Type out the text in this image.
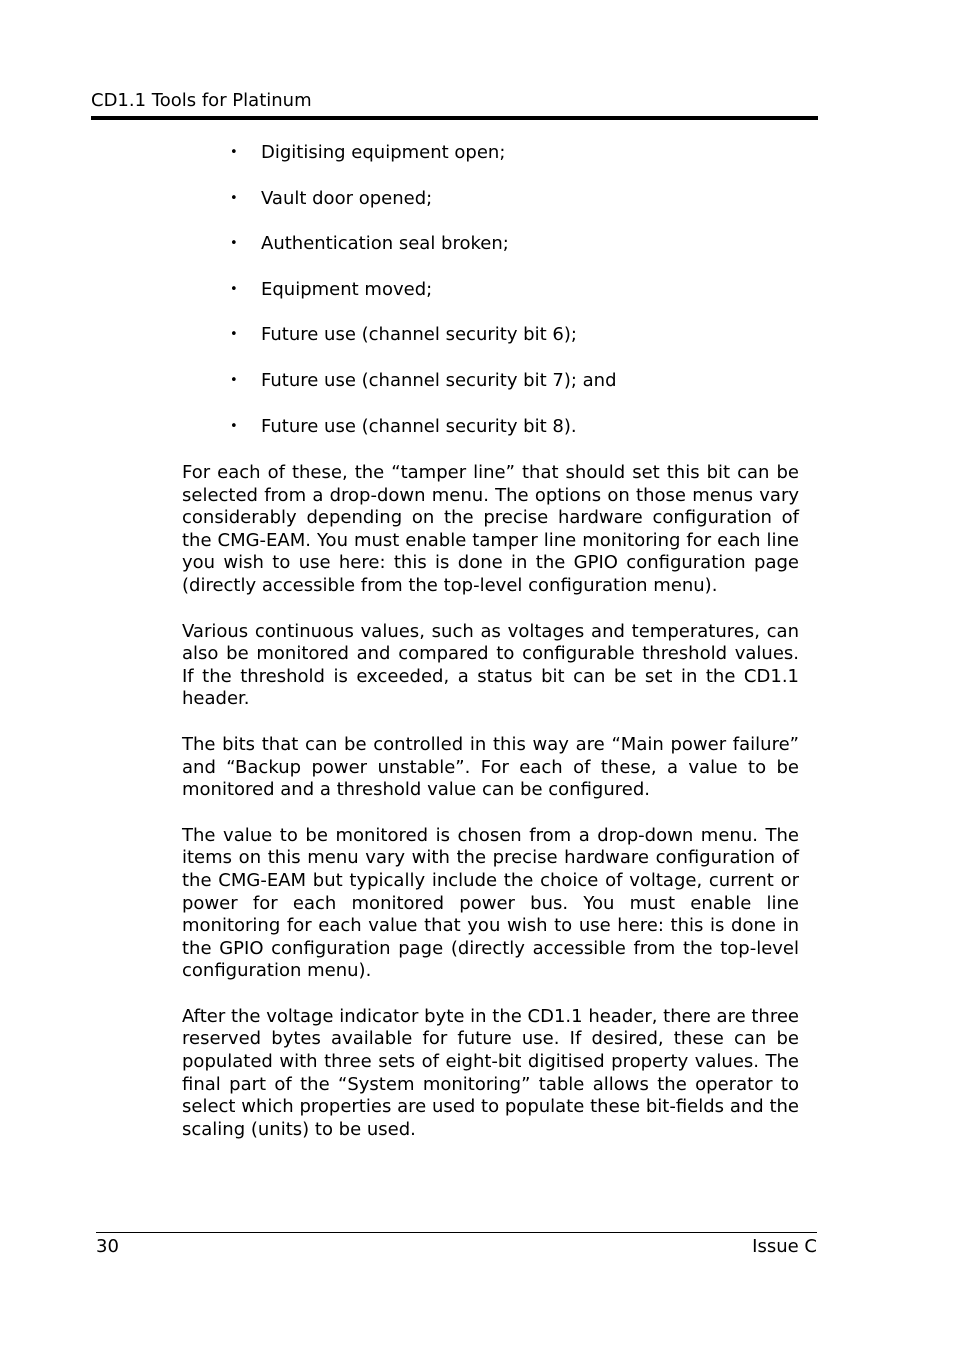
CD1.1 Tools for Platinum
• Digitising equipment open;
• Vault door opened;
• Authentication seal broken;
• Equipment moved;
• Future use (channel security bit 6);
• Future use (channel security bit 7); and
• Future use (channel security bit 8).

For each of these, the “tamper line” that should set this bit can be selected from a drop-down menu. The options on those menus vary considerably depending on the precise hardware configuration of the CMG-EAM. You must enable tamper line monitoring for each line you wish to use here: this is done in the GPIO configuration page (directly accessible from the top-level configuration menu).

Various continuous values, such as voltages and temperatures, can also be monitored and compared to configurable threshold values. If the threshold is exceeded, a status bit can be set in the CD1.1 header.

The bits that can be controlled in this way are “Main power failure” and “Backup power unstable”. For each of these, a value to be monitored and a threshold value can be configured.

The value to be monitored is chosen from a drop-down menu. The items on this menu vary with the precise hardware configuration of the CMG-EAM but typically include the choice of voltage, current or power for each monitored power bus. You must enable line monitoring for each value that you wish to use here: this is done in the GPIO configuration page (directly accessible from the top-level configuration menu).

After the voltage indicator byte in the CD1.1 header, there are three reserved bytes available for future use. If desired, these can be populated with three sets of eight-bit digitised property values. The final part of the “System monitoring” table allows the operator to select which properties are used to populate these bit-fields and the scaling (units) to be used.

30	Issue C
